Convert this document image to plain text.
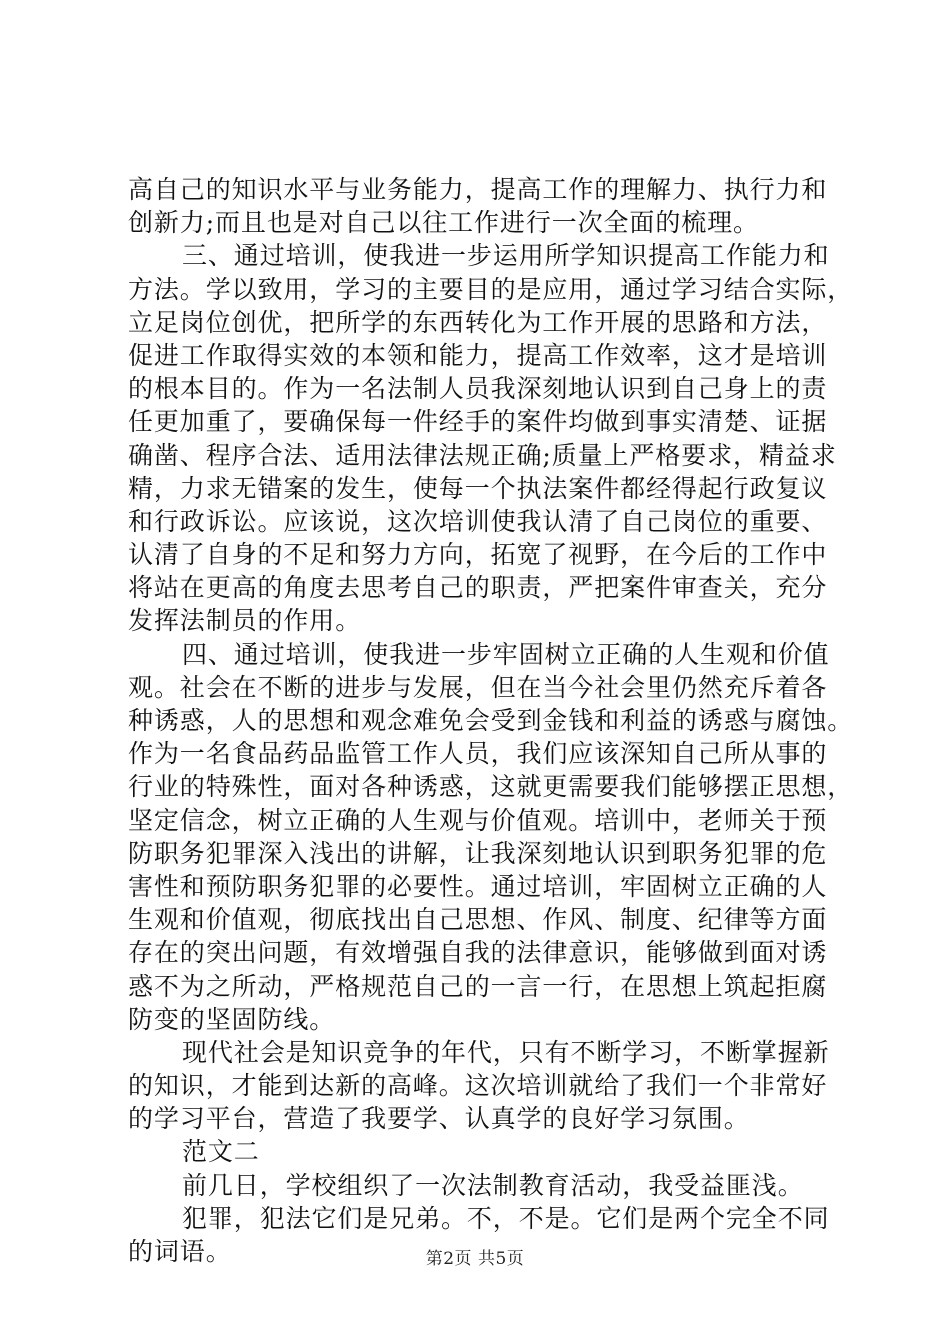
高自己的知识水平与业务能力，提高工作的理解力、执行力和
创新力;而且也是对自己以往工作进行一次全面的梳理。
三、通过培训，使我进一步运用所学知识提高工作能力和
方法。学以致用，学习的主要目的是应用，通过学习结合实际，
立足岗位创优，把所学的东西转化为工作开展的思路和方法，
促进工作取得实效的本领和能力，提高工作效率，这才是培训
的根本目的。作为一名法制人员我深刻地认识到自己身上的责
任更加重了，要确保每一件经手的案件均做到事实清楚、证据
确凿、程序合法、适用法律法规正确;质量上严格要求，精益求
精，力求无错案的发生，使每一个执法案件都经得起行政复议
和行政诉讼。应该说，这次培训使我认清了自己岗位的重要、
认清了自身的不足和努力方向，拓宽了视野，在今后的工作中
将站在更高的角度去思考自己的职责，严把案件审查关，充分
发挥法制员的作用。
四、通过培训，使我进一步牢固树立正确的人生观和价值
观。社会在不断的进步与发展，但在当今社会里仍然充斥着各
种诱惑，人的思想和观念难免会受到金钱和利益的诱惑与腐蚀。
作为一名食品药品监管工作人员，我们应该深知自己所从事的
行业的特殊性，面对各种诱惑，这就更需要我们能够摆正思想，
坚定信念，树立正确的人生观与价值观。培训中，老师关于预
防职务犯罪深入浅出的讲解，让我深刻地认识到职务犯罪的危
害性和预防职务犯罪的必要性。通过培训，牢固树立正确的人
生观和价值观，彻底找出自己思想、作风、制度、纪律等方面
存在的突出问题，有效增强自我的法律意识，能够做到面对诱
惑不为之所动，严格规范自己的一言一行，在思想上筑起拒腐
防变的坚固防线。
现代社会是知识竞争的年代，只有不断学习，不断掌握新
的知识，才能到达新的高峰。这次培训就给了我们一个非常好
的学习平台，营造了我要学、认真学的良好学习氛围。
范文二
前几日，学校组织了一次法制教育活动，我受益匪浅。
犯罪，犯法它们是兄弟。不，不是。它们是两个完全不同
的词语。	第2页 共5页
